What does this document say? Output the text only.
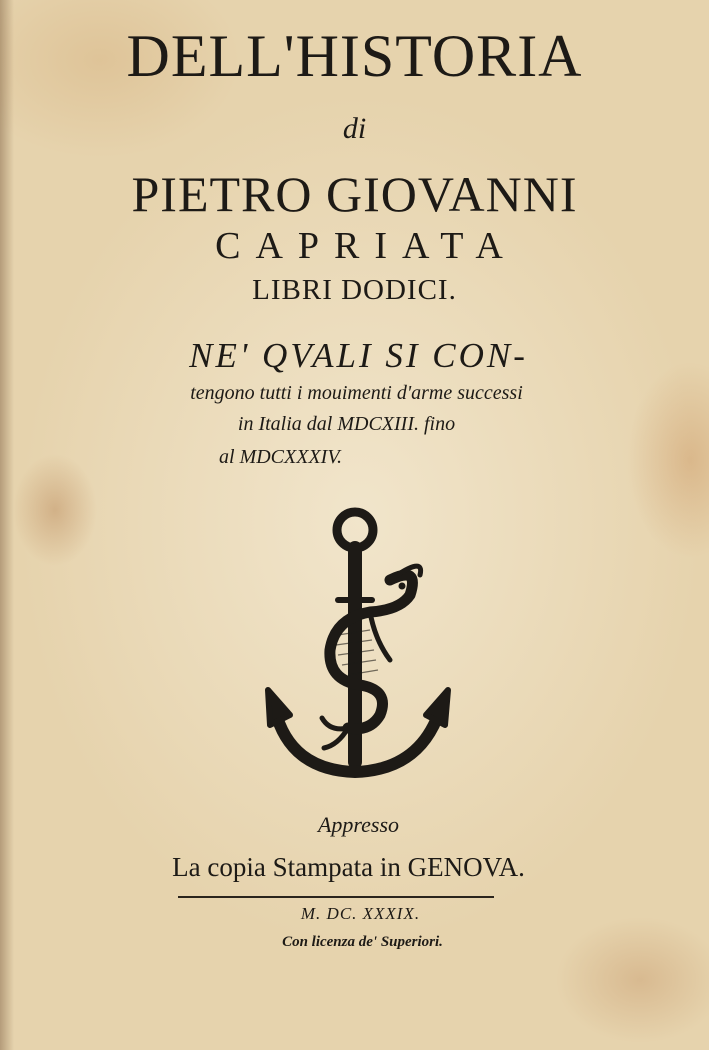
DELL'HISTORIA
di
PIETRO GIOVANNI
CAPRIATA
LIBRI DODICI.
NE' QVALI SI CON-
tengono tutti i mouimenti d'arme successi
in Italia dal MDCXIII. fino
al MDCXXXIV.
Appresso
La copia Stampata in GENOVA.
M. DC. XXXIX.
Con licenza de' Superiori.
